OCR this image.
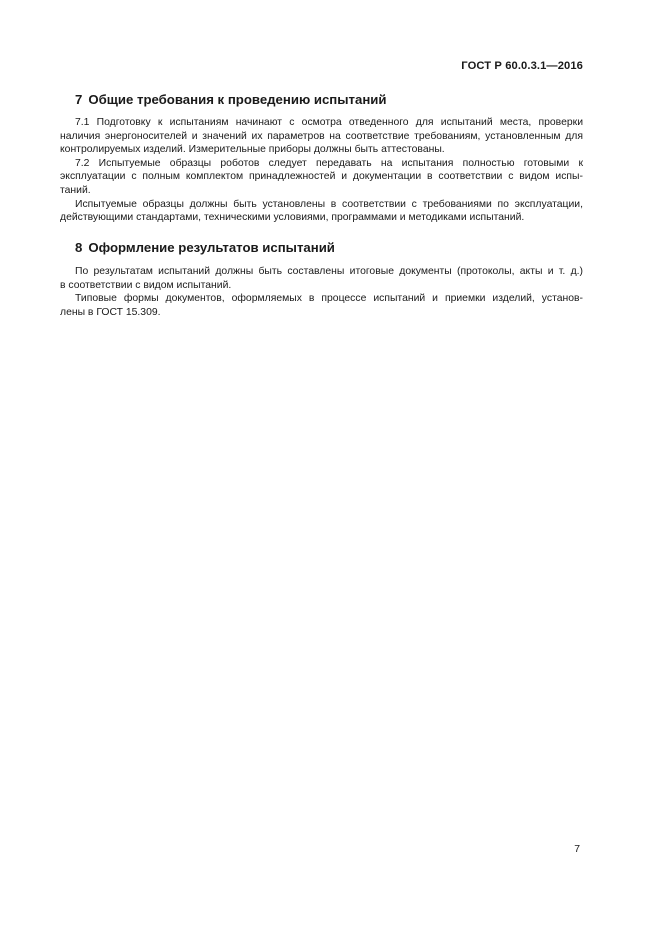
ГОСТ Р 60.0.3.1—2016
7 Общие требования к проведению испытаний
7.1 Подготовку к испытаниям начинают с осмотра отведенного для испытаний места, проверки
наличия энергоносителей и значений их параметров на соответствие требованиям, установленным для
контролируемых изделий. Измерительные приборы должны быть аттестованы.
7.2 Испытуемые образцы роботов следует передавать на испытания полностью готовыми к
эксплуатации с полным комплектом принадлежностей и документации в соответствии с видом испы-
таний.
Испытуемые образцы должны быть установлены в соответствии с требованиями по эксплуатации,
действующими стандартами, техническими условиями, программами и методиками испытаний.
8 Оформление результатов испытаний
По результатам испытаний должны быть составлены итоговые документы (протоколы, акты и т. д.)
в соответствии с видом испытаний.
Типовые формы документов, оформляемых в процессе испытаний и приемки изделий, установ-
лены в ГОСТ 15.309.
7
